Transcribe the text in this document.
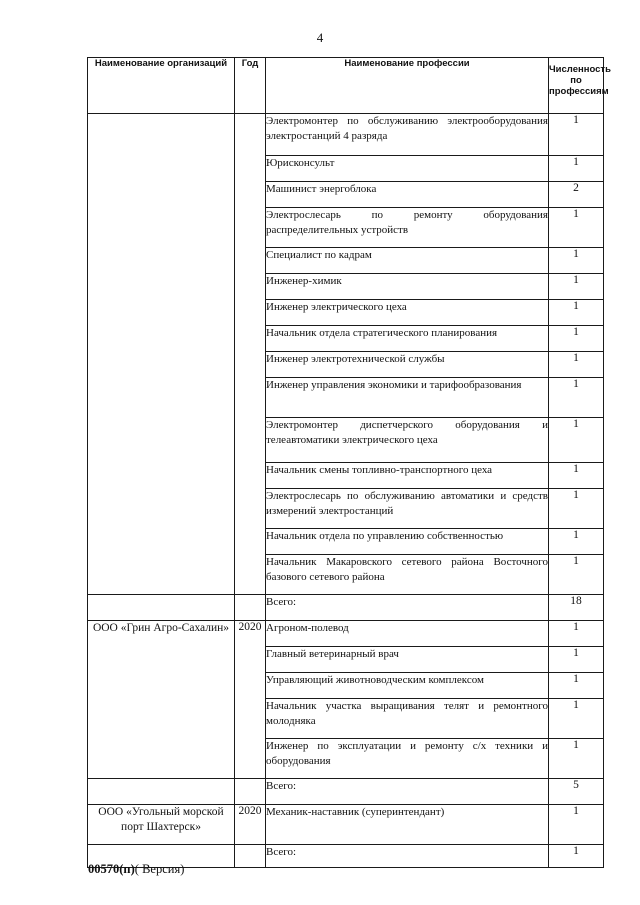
4
Наименование организаций	Год	Наименование профессии	Численность по профессиям
		Электромонтер по обслуживанию электрооборудования электростанций 4 разряда	1
		Юрисконсульт	1
		Машинист энергоблока	2
		Электрослесарь по ремонту оборудования распределительных устройств	1
		Специалист по кадрам	1
		Инженер-химик	1
		Инженер электрического цеха	1
		Начальник отдела стратегического планирования	1
		Инженер электротехнической службы	1
		Инженер управления экономики и тарифообразования	1
		Электромонтер диспетчерского оборудования и телеавтоматики электрического цеха	1
		Начальник смены топливно-транспортного цеха	1
		Электрослесарь по обслуживанию автоматики и средств измерений электростанций	1
		Начальник отдела по управлению собственностью	1
		Начальник Макаровского сетевого района Восточного базового сетевого района	1
		Всего:	18
ООО «Грин Агро-Сахалин»	2020	Агроном-полевод	1
		Главный ветеринарный врач	1
		Управляющий животноводческим комплексом	1
		Начальник участка выращивания телят и ремонтного молодняка	1
		Инженер по эксплуатации и ремонту с/х техники и оборудования	1
		Всего:	5
ООО «Угольный морской порт Шахтерск»	2020	Механик-наставник (суперинтендант)	1
		Всего:	1
00570(п)( Версия)
